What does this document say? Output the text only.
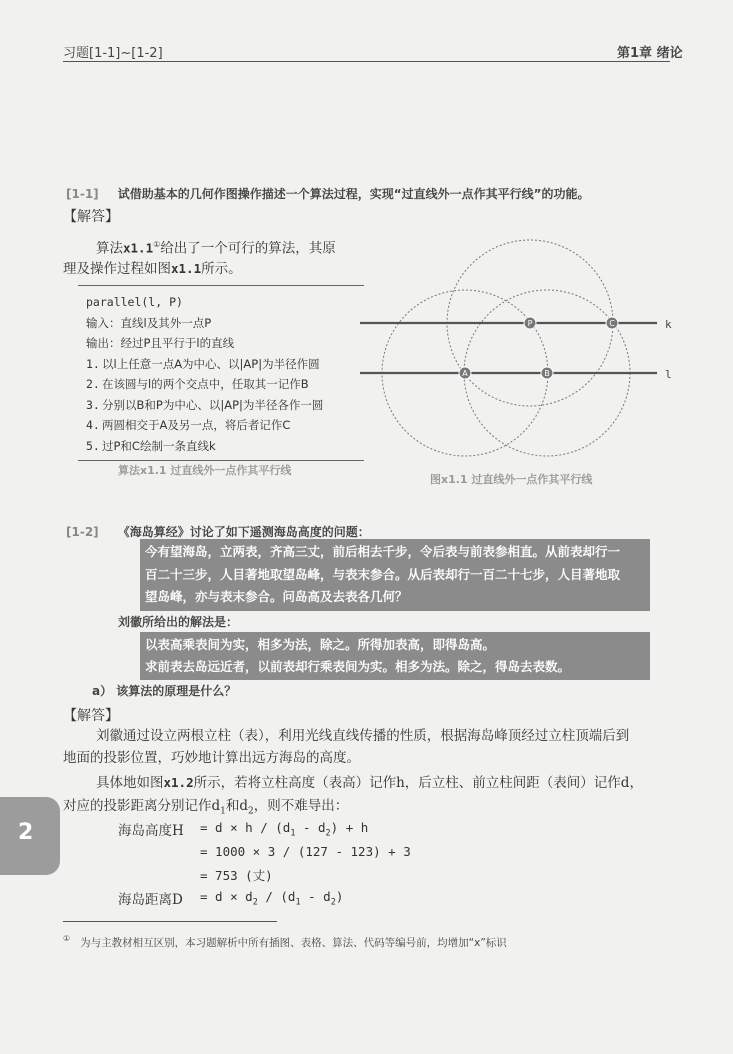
习题[1-1]~[1-2]	第1章 绪论
[1-1] 试借助基本的几何作图操作描述一个算法过程，实现“过直线外一点作其平行线”的功能。
【解答】
算法x1.1①给出了一个可行的算法，其原
理及操作过程如图x1.1所示。
parallel(l, P)
输入：直线l及其外一点P
输出：经过P且平行于l的直线
1. 以l上任意一点A为中心、以|AP|为半径作圆
2. 在该圆与l的两个交点中，任取其一记作B
3. 分别以B和P为中心、以|AP|为半径各作一圆
4. 两圆相交于A及另一点，将后者记作C
5. 过P和C绘制一条直线k
算法x1.1 过直线外一点作其平行线
P	C
A	B
k
l
图x1.1 过直线外一点作其平行线
[1-2] 《海岛算经》讨论了如下遥测海岛高度的问题：
今有望海岛，立两表，齐高三丈，前后相去千步，令后表与前表参相直。从前表却行一
百二十三步，人目著地取望岛峰，与表末参合。从后表却行一百二十七步，人目著地取
望岛峰，亦与表末参合。问岛高及去表各几何？
刘徽所给出的解法是：
以表高乘表间为实，相多为法，除之。所得加表高，即得岛高。
求前表去岛远近者，以前表却行乘表间为实。相多为法。除之，得岛去表数。
a） 该算法的原理是什么？
【解答】
刘徽通过设立两根立柱（表），利用光线直线传播的性质，根据海岛峰顶经过立柱顶端后到
地面的投影位置，巧妙地计算出远方海岛的高度。
具体地如图x1.2所示，若将立柱高度（表高）记作h，后立柱、前立柱间距（表间）记作d，
对应的投影距离分别记作$d_1$和$d_2$，则不难导出：
海岛高度$H = d \times h / (d_1 - d_2) + h$
= 1000 × 3 / (127 - 123) + 3
= 753 (丈)
海岛距离$D = d \times d_2 / (d_1 - d_2)$
2
① 为与主教材相互区别，本习题解析中所有插图、表格、算法、代码等编号前，均增加“x”标识
